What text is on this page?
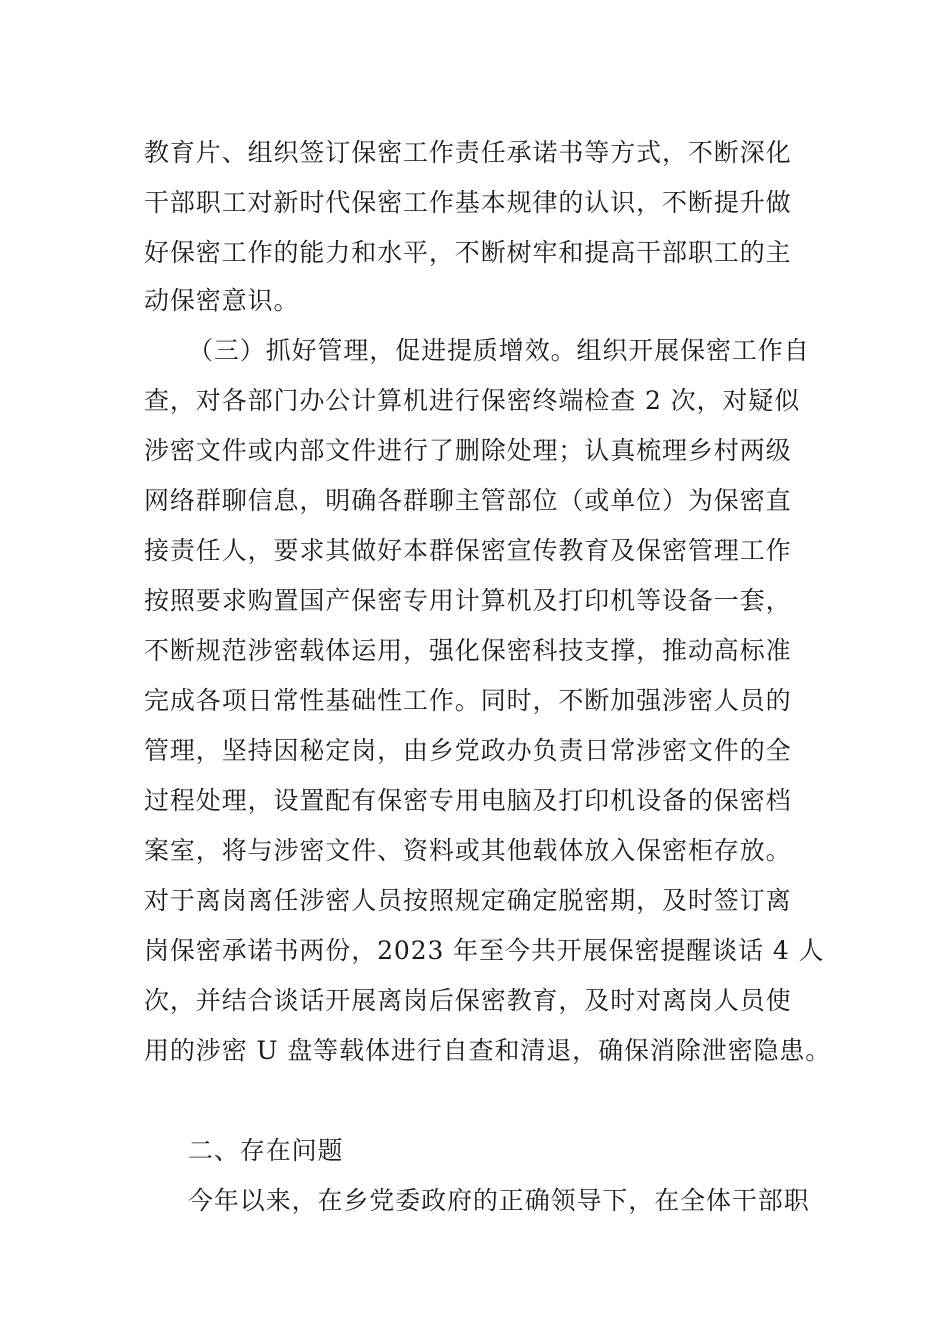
教育片、组织签订保密工作责任承诺书等方式，不断深化
干部职工对新时代保密工作基本规律的认识，不断提升做
好保密工作的能力和水平，不断树牢和提高干部职工的主
动保密意识。
（三）抓好管理，促进提质增效。组织开展保密工作自
查，对各部门办公计算机进行保密终端检查 2 次，对疑似
涉密文件或内部文件进行了删除处理；认真梳理乡村两级
网络群聊信息，明确各群聊主管部位（或单位）为保密直
接责任人，要求其做好本群保密宣传教育及保密管理工作
按照要求购置国产保密专用计算机及打印机等设备一套，
不断规范涉密载体运用，强化保密科技支撑，推动高标准
完成各项日常性基础性工作。同时，不断加强涉密人员的
管理，坚持因秘定岗，由乡党政办负责日常涉密文件的全
过程处理，设置配有保密专用电脑及打印机设备的保密档
案室，将与涉密文件、资料或其他载体放入保密柜存放。
对于离岗离任涉密人员按照规定确定脱密期，及时签订离
岗保密承诺书两份，2023 年至今共开展保密提醒谈话 4 人
次，并结合谈话开展离岗后保密教育，及时对离岗人员使
用的涉密 U 盘等载体进行自查和清退，确保消除泄密隐患。
二、存在问题
今年以来，在乡党委政府的正确领导下，在全体干部职
